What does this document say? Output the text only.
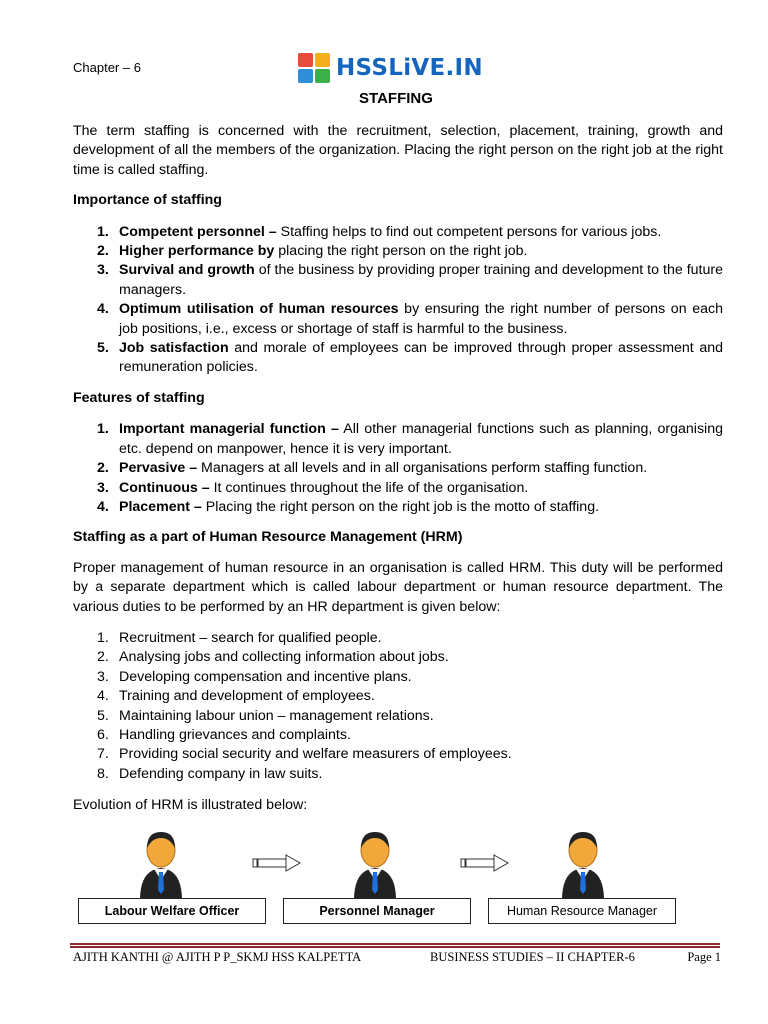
Chapter – 6	HSSLiVE.IN
STAFFING

The term staffing is concerned with the recruitment, selection, placement, training, growth and development of all the members of the organization. Placing the right person on the right job at the right time is called staffing.

Importance of staffing
1. Competent personnel – Staffing helps to find out competent persons for various jobs.
2. Higher performance by placing the right person on the right job.
3. Survival and growth of the business by providing proper training and development to the future managers.
4. Optimum utilisation of human resources by ensuring the right number of persons on each job positions, i.e., excess or shortage of staff is harmful to the business.
5. Job satisfaction and morale of employees can be improved through proper assessment and remuneration policies.
Features of staffing
1. Important managerial function – All other managerial functions such as planning, organising etc. depend on manpower, hence it is very important.
2. Pervasive – Managers at all levels and in all organisations perform staffing function.
3. Continuous – It continues throughout the life of the organisation.
4. Placement – Placing the right person on the right job is the motto of staffing.
Staffing as a part of Human Resource Management (HRM)

Proper management of human resource in an organisation is called HRM. This duty will be performed by a separate department which is called labour department or human resource department. The various duties to be performed by an HR department is given below:

1. Recruitment – search for qualified people.
2. Analysing jobs and collecting information about jobs.
3. Developing compensation and incentive plans.
4. Training and development of employees.
5. Maintaining labour union – management relations.
6. Handling grievances and complaints.
7. Providing social security and welfare measurers of employees.
8. Defending company in law suits.

Evolution of HRM is illustrated below:

Labour Welfare Officer	Personnel Manager	Human Resource Manager
AJITH KANTHI @ AJITH P P_SKMJ HSS KALPETTA	BUSINESS STUDIES – II CHAPTER-6	Page 1
